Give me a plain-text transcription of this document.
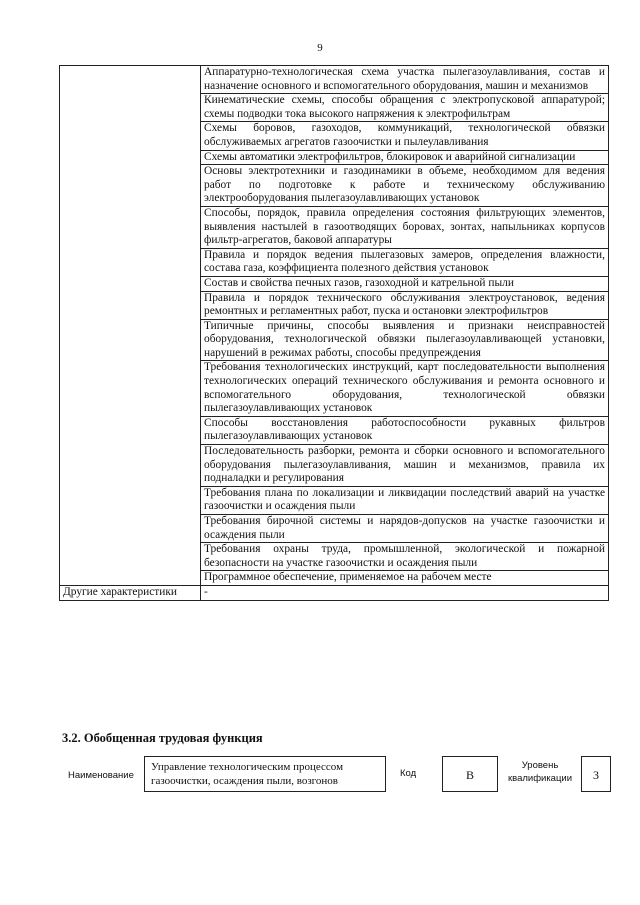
9
	Аппаратурно-технологическая схема участка пылегазоулавливания, состав и назначение основного и вспомогательного оборудования, машин и механизмов
	Кинематические схемы, способы обращения с электропусковой аппаратурой; схемы подводки тока высокого напряжения к электрофильтрам
	Схемы боровов, газоходов, коммуникаций, технологической обвязки обслуживаемых агрегатов газоочистки и пылеулавливания
	Схемы автоматики электрофильтров, блокировок и аварийной сигнализации
	Основы электротехники и газодинамики в объеме, необходимом для ведения работ по подготовке к работе и техническому обслуживанию электрооборудования пылегазоулавливающих установок
	Способы, порядок, правила определения состояния фильтрующих элементов, выявления настылей в газоотводящих боровах, зонтах, напыльниках корпусов фильтр-агрегатов, баковой аппаратуры
	Правила и порядок ведения пылегазовых замеров, определения влажности, состава газа, коэффициента полезного действия установок
	Состав и свойства печных газов, газоходной и катрельной пыли
	Правила и порядок технического обслуживания электроустановок, ведения ремонтных и регламентных работ, пуска и остановки электрофильтров
	Типичные причины, способы выявления и признаки неисправностей оборудования, технологической обвязки пылегазоулавливающей установки, нарушений в режимах работы, способы предупреждения
	Требования технологических инструкций, карт последовательности выполнения технологических операций технического обслуживания и ремонта основного и вспомогательного оборудования, технологической обвязки пылегазоулавливающих установок
	Способы восстановления работоспособности рукавных фильтров пылегазоулавливающих установок
	Последовательность разборки, ремонта и сборки основного и вспомогательного оборудования пылегазоулавливания, машин и механизмов, правила их подналадки и регулирования
	Требования плана по локализации и ликвидации последствий аварий на участке газоочистки и осаждения пыли
	Требования бирочной системы и нарядов-допусков на участке газоочистки и осаждения пыли
	Требования охраны труда, промышленной, экологической и пожарной безопасности на участке газоочистки и осаждения пыли
	Программное обеспечение, применяемое на рабочем месте
Другие характеристики	-
3.2. Обобщенная трудовая функция
Наименование
Управление технологическим процессом газоочистки, осаждения пыли, возгонов
Код	B
Уровень квалификации	3
